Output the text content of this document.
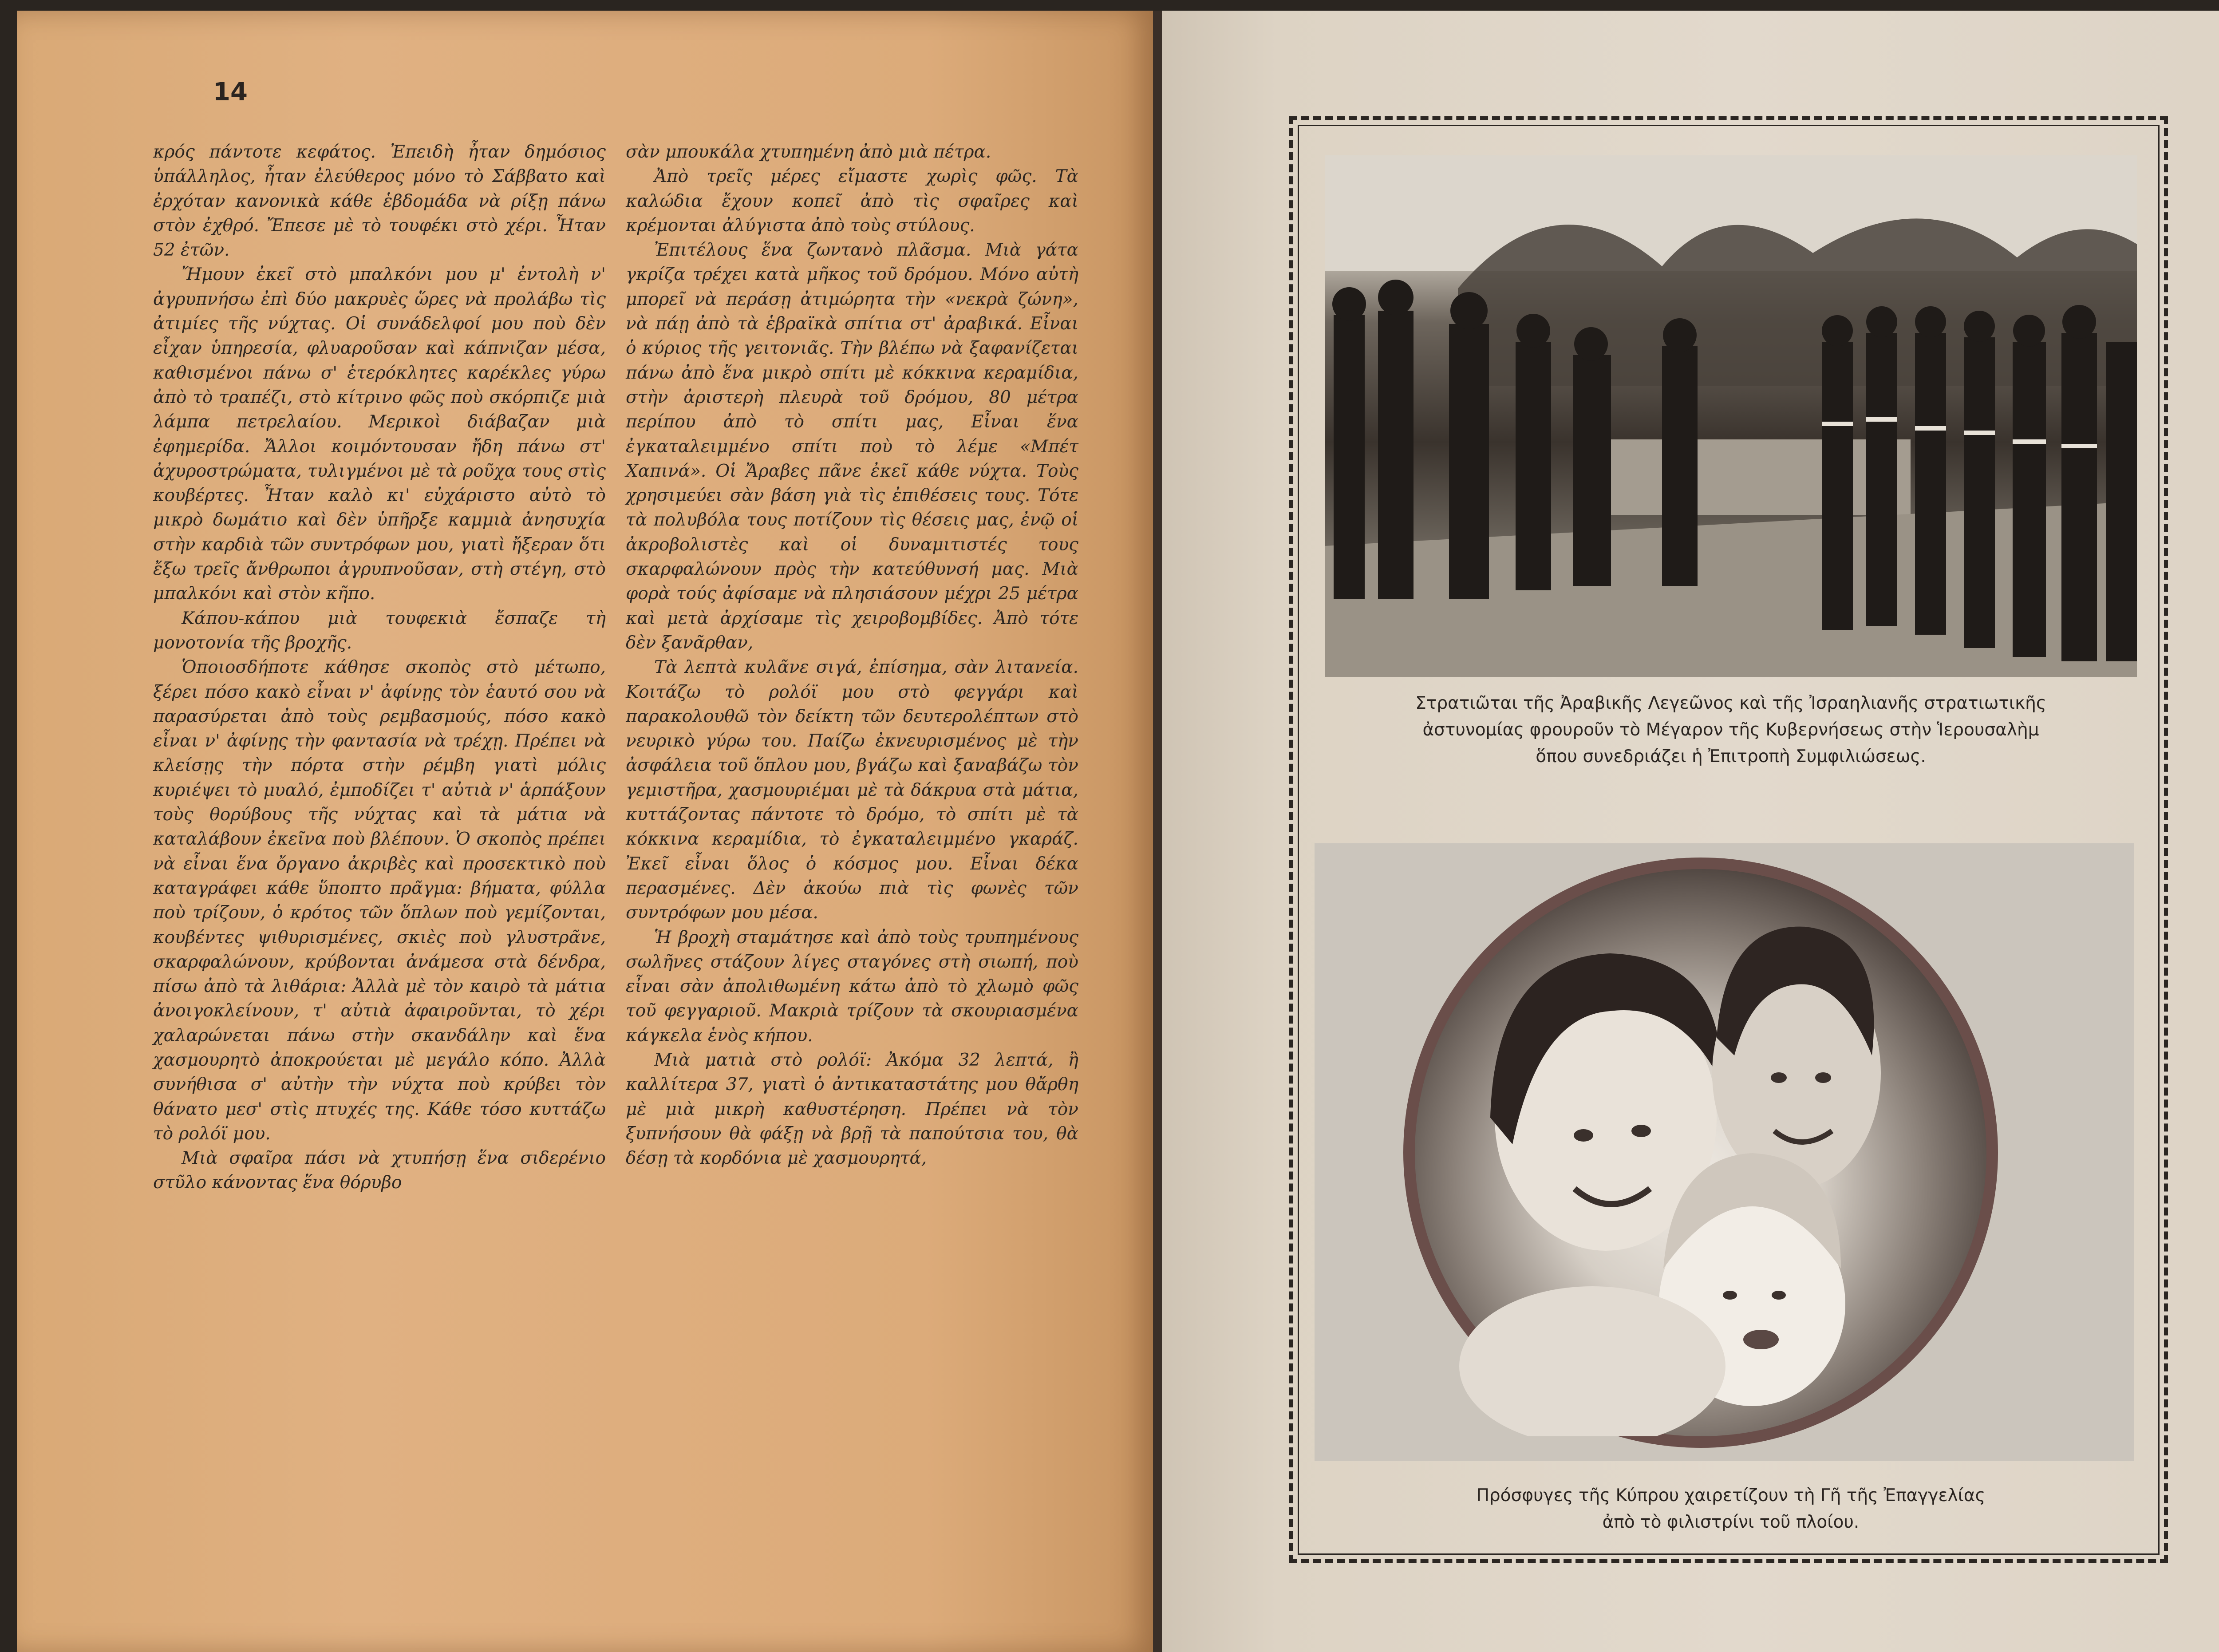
14

κρός πάντοτε κεφάτος. Ἐπειδὴ ἦταν δημόσιος ὑπάλληλος, ἦταν ἐλεύθερος μόνο τὸ Σάββατο καὶ ἐρχόταν κανονικὰ κάθε ἑβδομάδα νὰ ρίξῃ πάνω στὸν ἐχθρό. Ἔπεσε μὲ τὸ τουφέκι στὸ χέρι. Ἦταν 52 ἐτῶν.

Ἤμουν ἐκεῖ στὸ μπαλκόνι μου μ' ἐντολὴ ν' ἀγρυπνήσω ἐπὶ δύο μακρυὲς ὥρες νὰ προλάβω τὶς ἀτιμίες τῆς νύχτας. Οἱ συνάδελφοί μου ποὺ δὲν εἶχαν ὑπηρεσία, φλυαροῦσαν καὶ κάπνιζαν μέσα, καθισμένοι πάνω σ' ἑτερόκλητες καρέκλες γύρω ἀπὸ τὸ τραπέζι, στὸ κίτρινο φῶς ποὺ σκόρπιζε μιὰ λάμπα πετρελαίου. Μερικοὶ διάβαζαν μιὰ ἐφημερίδα. Ἄλλοι κοιμόντουσαν ἤδη πάνω στ' ἀχυροστρώματα, τυλιγμένοι μὲ τὰ ροῦχα τους στὶς κουβέρτες. Ἦταν καλὸ κι' εὐχάριστο αὐτὸ τὸ μικρὸ δωμάτιο καὶ δὲν ὑπῆρξε καμμιὰ ἀνησυχία στὴν καρδιὰ τῶν συντρόφων μου, γιατὶ ἤξεραν ὅτι ἔξω τρεῖς ἄνθρωποι ἀγρυπνοῦσαν, στὴ στέγη, στὸ μπαλκόνι καὶ στὸν κῆπο.

Κάπου-κάπου μιὰ τουφεκιὰ ἔσπαζε τὴ μονοτονία τῆς βροχῆς.

Ὁποιοσδήποτε κάθησε σκοπὸς στὸ μέτωπο, ξέρει πόσο κακὸ εἶναι ν' ἀφίνῃς τὸν ἑαυτό σου νὰ παρασύρεται ἀπὸ τοὺς ρεμβασμούς, πόσο κακὸ εἶναι ν' ἀφίνῃς τὴν φαντασία νὰ τρέχῃ. Πρέπει νὰ κλείσῃς τὴν πόρτα στὴν ρέμβη γιατὶ μόλις κυριέψει τὸ μυαλό, ἐμποδίζει τ' αὐτιὰ ν' ἁρπάξουν τοὺς θορύβους τῆς νύχτας καὶ τὰ μάτια νὰ καταλάβουν ἐκεῖνα ποὺ βλέπουν. Ὁ σκοπὸς πρέπει νὰ εἶναι ἕνα ὄργανο ἀκριβὲς καὶ προσεκτικὸ ποὺ καταγράφει κάθε ὕποπτο πρᾶγμα: βήματα, φύλλα ποὺ τρίζουν, ὁ κρότος τῶν ὅπλων ποὺ γεμίζονται, κουβέντες ψιθυρισμένες, σκιὲς ποὺ γλυστρᾶνε, σκαρφαλώνουν, κρύβονται ἀνάμεσα στὰ δένδρα, πίσω ἀπὸ τὰ λιθάρια: Ἀλλὰ μὲ τὸν καιρὸ τὰ μάτια ἀνοιγοκλείνουν, τ' αὐτιὰ ἀφαιροῦνται, τὸ χέρι χαλαρώνεται πάνω στὴν σκανδάλην καὶ ἕνα χασμουρητὸ ἀποκρούεται μὲ μεγάλο κόπο. Ἀλλὰ συνήθισα σ' αὐτὴν τὴν νύχτα ποὺ κρύβει τὸν θάνατο μεσ' στὶς πτυχές της. Κάθε τόσο κυττάζω τὸ ρολόϊ μου.

Μιὰ σφαῖρα πάσι νὰ χτυπήσῃ ἕνα σιδερένιο στῦλο κάνοντας ἕνα θόρυβο

σὰν μπουκάλα χτυπημένη ἀπὸ μιὰ πέτρα.

Ἀπὸ τρεῖς μέρες εἴμαστε χωρὶς φῶς. Τὰ καλώδια ἔχουν κοπεῖ ἀπὸ τὶς σφαῖρες καὶ κρέμονται ἀλύγιστα ἀπὸ τοὺς στύλους.

Ἐπιτέλους ἕνα ζωντανὸ πλᾶσμα. Μιὰ γάτα γκρίζα τρέχει κατὰ μῆκος τοῦ δρόμου. Μόνο αὐτὴ μπορεῖ νὰ περάσῃ ἀτιμώρητα τὴν «νεκρὰ ζώνη», νὰ πάῃ ἀπὸ τὰ ἑβραϊκὰ σπίτια στ' ἀραβικά. Εἶναι ὁ κύριος τῆς γειτονιᾶς. Τὴν βλέπω νὰ ξαφανίζεται πάνω ἀπὸ ἕνα μικρὸ σπίτι μὲ κόκκινα κεραμίδια, στὴν ἀριστερὴ πλευρὰ τοῦ δρόμου, 80 μέτρα περίπου ἀπὸ τὸ σπίτι μας, Εἶναι ἕνα ἐγκαταλειμμένο σπίτι ποὺ τὸ λέμε «Μπέτ Χαπινά». Οἱ Ἄραβες πᾶνε ἐκεῖ κάθε νύχτα. Τοὺς χρησιμεύει σὰν βάση γιὰ τὶς ἐπιθέσεις τους. Τότε τὰ πολυβόλα τους ποτίζουν τὶς θέσεις μας, ἐνῷ οἱ ἀκροβολιστὲς καὶ οἱ δυναμιτιστές τους σκαρφαλώνουν πρὸς τὴν κατεύθυνσή μας. Μιὰ φορὰ τούς ἀφίσαμε νὰ πλησιάσουν μέχρι 25 μέτρα καὶ μετὰ ἀρχίσαμε τὶς χειροβομβίδες. Ἀπὸ τότε δὲν ξανᾶρθαν,

Τὰ λεπτὰ κυλᾶνε σιγά, ἐπίσημα, σὰν λιτανεία. Κοιτάζω τὸ ρολόϊ μου στὸ φεγγάρι καὶ παρακολουθῶ τὸν δείκτη τῶν δευτερολέπτων στὸ νευρικὸ γύρω του. Παίζω ἐκνευρισμένος μὲ τὴν ἀσφάλεια τοῦ ὅπλου μου, βγάζω καὶ ξαναβάζω τὸν γεμιστῆρα, χασμουριέμαι μὲ τὰ δάκρυα στὰ μάτια, κυττάζοντας πάντοτε τὸ δρόμο, τὸ σπίτι μὲ τὰ κόκκινα κεραμίδια, τὸ ἐγκαταλειμμένο γκαράζ. Ἐκεῖ εἶναι ὅλος ὁ κόσμος μου. Εἶναι δέκα περασμένες. Δὲν ἀκούω πιὰ τὶς φωνὲς τῶν συντρόφων μου μέσα.

Ἡ βροχὴ σταμάτησε καὶ ἀπὸ τοὺς τρυπημένους σωλῆνες στάζουν λίγες σταγόνες στὴ σιωπή, ποὺ εἶναι σὰν ἀπολιθωμένη κάτω ἀπὸ τὸ χλωμὸ φῶς τοῦ φεγγαριοῦ. Μακριὰ τρίζουν τὰ σκουριασμένα κάγκελα ἑνὸς κήπου.

Μιὰ ματιὰ στὸ ρολόϊ: Ἀκόμα 32 λεπτά, ἢ καλλίτερα 37, γιατὶ ὁ ἀντικαταστάτης μου θἄρθη μὲ μιὰ μικρὴ καθυστέρηση. Πρέπει νὰ τὸν ξυπνήσουν θὰ φάξῃ νὰ βρῇ τὰ παπούτσια του, θὰ δέσῃ τὰ κορδόνια μὲ χασμουρητά,

Στρατιῶται τῆς Ἀραβικῆς Λεγεῶνος καὶ τῆς Ἰσραηλιανῆς στρατιωτικῆς
ἀστυνομίας φρουροῦν τὸ Μέγαρον τῆς Κυβερνήσεως στὴν Ἱερουσαλὴμ
ὅπου συνεδριάζει ἡ Ἐπιτροπὴ Συμφιλιώσεως.
Πρόσφυγες τῆς Κύπρου χαιρετίζουν τὴ Γῆ τῆς Ἐπαγγελίας
ἀπὸ τὸ φιλιστρίνι τοῦ πλοίου.
